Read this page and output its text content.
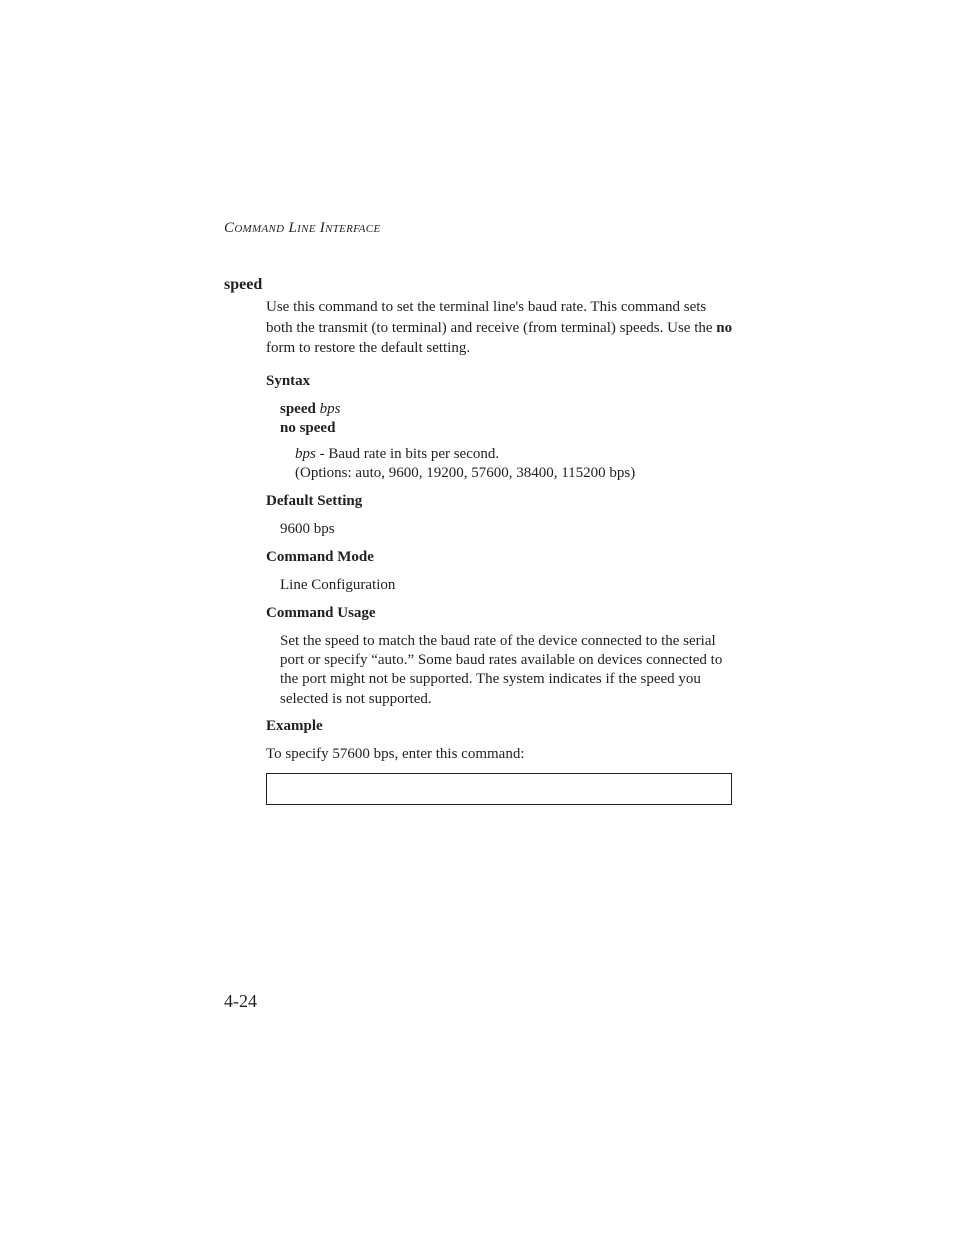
COMMAND LINE INTERFACE
speed
Use this command to set the terminal line's baud rate. This command sets both the transmit (to terminal) and receive (from terminal) speeds. Use the no form to restore the default setting.
Syntax
speed bps
no speed
bps - Baud rate in bits per second.
(Options: auto, 9600, 19200, 57600, 38400, 115200 bps)
Default Setting
9600 bps
Command Mode
Line Configuration
Command Usage
Set the speed to match the baud rate of the device connected to the serial port or specify “auto.” Some baud rates available on devices connected to the port might not be supported. The system indicates if the speed you selected is not supported.
Example
To specify 57600 bps, enter this command:
4-24
